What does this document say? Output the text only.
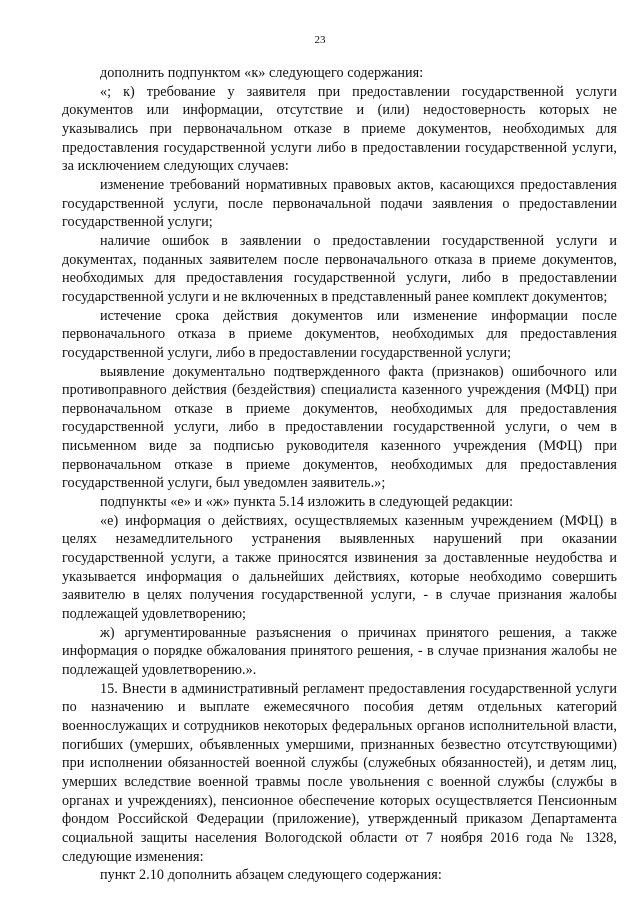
23

дополнить подпунктом «к» следующего содержания:

«; к) требование у заявителя при предоставлении государственной услуги документов или информации, отсутствие и (или) недостоверность которых не указывались при первоначальном отказе в приеме документов, необходимых для предоставления государственной услуги либо в предоставлении государственной услуги, за исключением следующих случаев:

изменение требований нормативных правовых актов, касающихся предоставления государственной услуги, после первоначальной подачи заявления о предоставлении государственной услуги;

наличие ошибок в заявлении о предоставлении государственной услуги и документах, поданных заявителем после первоначального отказа в приеме документов, необходимых для предоставления государственной услуги, либо в предоставлении государственной услуги и не включенных в представленный ранее комплект документов;

истечение срока действия документов или изменение информации после первоначального отказа в приеме документов, необходимых для предоставления государственной услуги, либо в предоставлении государственной услуги;

выявление документально подтвержденного факта (признаков) ошибочного или противоправного действия (бездействия) специалиста казенного учреждения (МФЦ) при первоначальном отказе в приеме документов, необходимых для предоставления государственной услуги, либо в предоставлении государственной услуги, о чем в письменном виде за подписью руководителя казенного учреждения (МФЦ) при первоначальном отказе в приеме документов, необходимых для предоставления государственной услуги, был уведомлен заявитель.»;

подпункты «е» и «ж» пункта 5.14 изложить в следующей редакции:

«е) информация о действиях, осуществляемых казенным учреждением (МФЦ) в целях незамедлительного устранения выявленных нарушений при оказании государственной услуги, а также приносятся извинения за доставленные неудобства и указывается информация о дальнейших действиях, которые необходимо совершить заявителю в целях получения государственной услуги, - в случае признания жалобы подлежащей удовлетворению;

ж) аргументированные разъяснения о причинах принятого решения, а также информация о порядке обжалования принятого решения, - в случае признания жалобы не подлежащей удовлетворению.».

15. Внести в административный регламент предоставления государственной услуги по назначению и выплате ежемесячного пособия детям отдельных категорий военнослужащих и сотрудников некоторых федеральных органов исполнительной власти, погибших (умерших, объявленных умершими, признанных безвестно отсутствующими) при исполнении обязанностей военной службы (служебных обязанностей), и детям лиц, умерших вследствие военной травмы после увольнения с военной службы (службы в органах и учреждениях), пенсионное обеспечение которых осуществляется Пенсионным фондом Российской Федерации (приложение), утвержденный приказом Департамента социальной защиты населения Вологодской области от 7 ноября 2016 года № 1328, следующие изменения:

пункт 2.10 дополнить абзацем следующего содержания:
